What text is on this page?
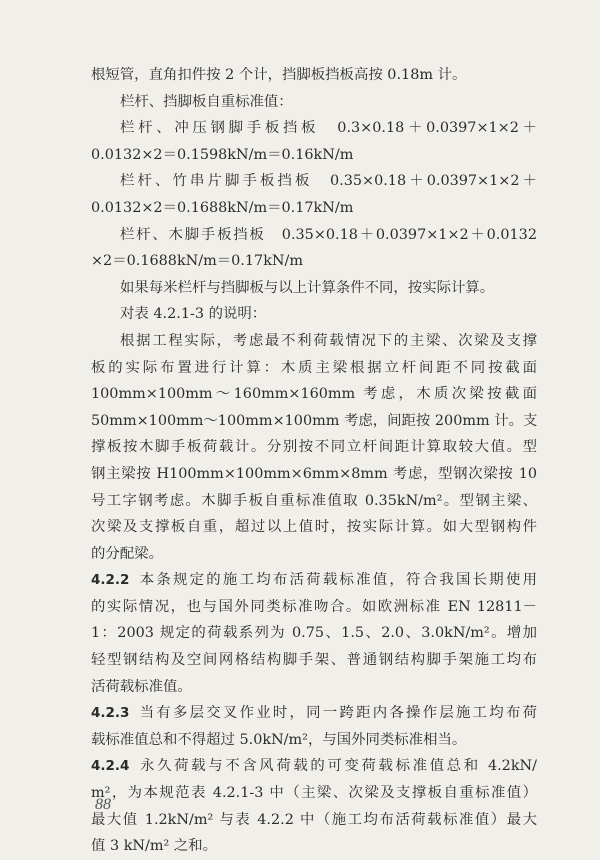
根短管，直角扣件按 2 个计，挡脚板挡板高按 0.18m 计。
栏杆、挡脚板自重标准值：
栏杆、冲压钢脚手板挡板　0.3×0.18＋0.0397×1×2＋
0.0132×2＝0.1598kN/m＝0.16kN/m
栏杆、竹串片脚手板挡板　0.35×0.18＋0.0397×1×2＋
0.0132×2＝0.1688kN/m＝0.17kN/m
栏杆、木脚手板挡板　0.35×0.18＋0.0397×1×2＋0.0132
×2＝0.1688kN/m＝0.17kN/m
如果每米栏杆与挡脚板与以上计算条件不同，按实际计算。
对表 4.2.1-3 的说明：
根据工程实际，考虑最不利荷载情况下的主梁、次梁及支撑
板的实际布置进行计算：木质主梁根据立杆间距不同按截面
100mm×100mm～160mm×160mm 考虑，木质次梁按截面
50mm×100mm～100mm×100mm 考虑，间距按 200mm 计。支
撑板按木脚手板荷载计。分别按不同立杆间距计算取较大值。型
钢主梁按 H100mm×100mm×6mm×8mm 考虑，型钢次梁按 10
号工字钢考虑。木脚手板自重标准值取 0.35kN/m²。型钢主梁、
次梁及支撑板自重，超过以上值时，按实际计算。如大型钢构件
的分配梁。
4.2.2 本条规定的施工均布活荷载标准值，符合我国长期使用
的实际情况，也与国外同类标准吻合。如欧洲标准 EN 12811－
1：2003 规定的荷载系列为 0.75、1.5、2.0、3.0kN/m²。增加
轻型钢结构及空间网格结构脚手架、普通钢结构脚手架施工均布
活荷载标准值。
4.2.3 当有多层交叉作业时，同一跨距内各操作层施工均布荷
载标准值总和不得超过 5.0kN/m²，与国外同类标准相当。
4.2.4 永久荷载与不含风荷载的可变荷载标准值总和 4.2kN/
m²，为本规范表 4.2.1-3 中（主梁、次梁及支撑板自重标准值）
最大值 1.2kN/m² 与表 4.2.2 中（施工均布活荷载标准值）最大
值 3 kN/m² 之和。
88
